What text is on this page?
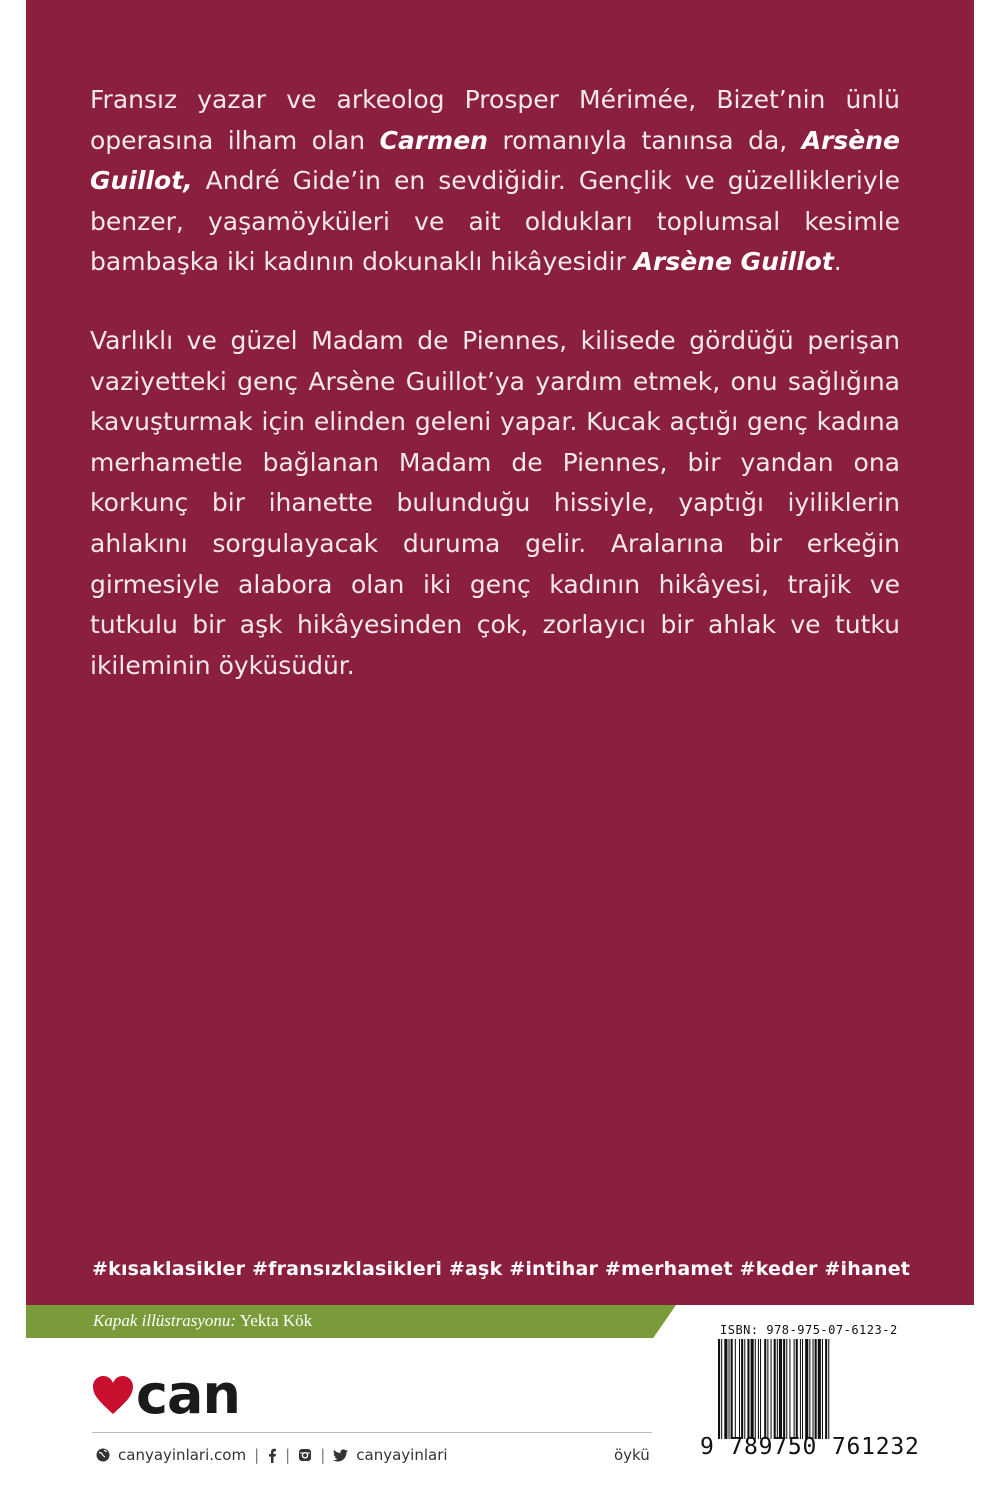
Fransız yazar ve arkeolog Prosper Mérimée, Bizet’nin ünlü operasına ilham olan Carmen romanıyla tanınsa da, Arsène Guillot, André Gide’in en sevdiğidir. Gençlik ve güzellikleriyle benzer, yaşamöyküleri ve ait oldukları toplumsal kesimle bambaşka iki kadının dokunaklı hikâyesidir Arsène Guillot.

Varlıklı ve güzel Madam de Piennes, kilisede gördüğü perişan vaziyetteki genç Arsène Guillot’ya yardım etmek, onu sağlığına kavuşturmak için elinden geleni yapar. Kucak açtığı genç kadına merhametle bağlanan Madam de Piennes, bir yandan ona korkunç bir ihanette bulunduğu hissiyle, yaptığı iyiliklerin ahlakını sorgulayacak duruma gelir. Aralarına bir erkeğin girmesiyle alabora olan iki genç kadının hikâyesi, trajik ve tutkulu bir aşk hikâyesinden çok, zorlayıcı bir ahlak ve tutku ikileminin öyküsüdür.

#kısaklasikler #fransızklasikleri #aşk #intihar #merhamet #keder #ihanet
Kapak illüstrasyonu: Yekta Kök
can
canyayinlari.com | | | canyayinlari	öykü
ISBN: 978-975-07-6123-2
9 789750 761232
